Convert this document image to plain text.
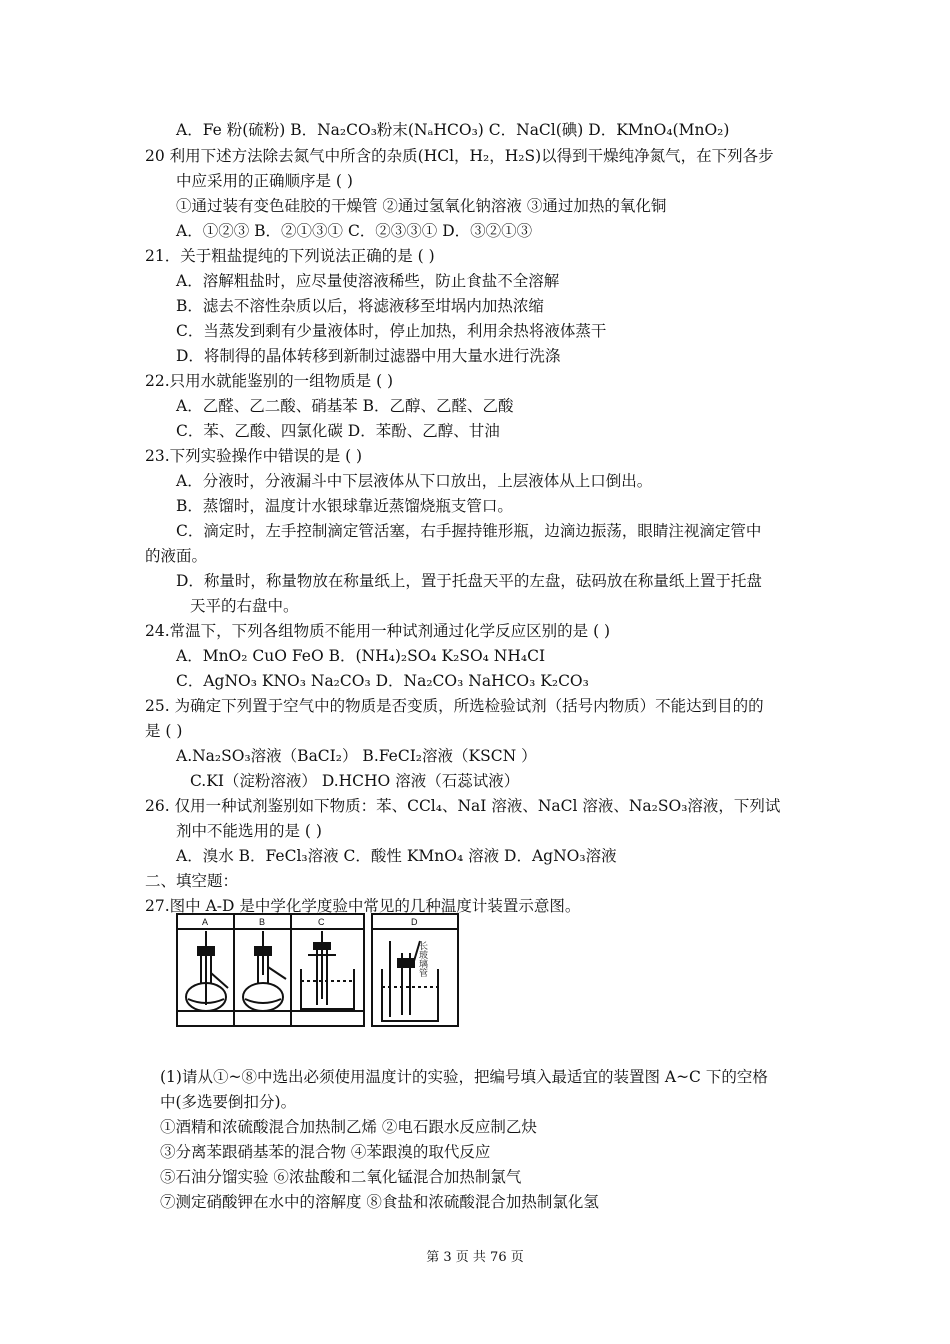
A．Fe 粉(硫粉) B．Na₂CO₃粉末(NₐHCO₃) C．NaCl(碘) D．KMnO₄(MnO₂)
20 利用下述方法除去氮气中所含的杂质(HCl，H₂，H₂S)以得到干燥纯净氮气，在下列各步
中应采用的正确顺序是 ( )
①通过装有变色硅胶的干燥管 ②通过氢氧化钠溶液 ③通过加热的氧化铜
A．①②③ B．②①③① C．②③③① D．③②①③
21．关于粗盐提纯的下列说法正确的是 ( )
A．溶解粗盐时，应尽量使溶液稀些，防止食盐不全溶解
B．滤去不溶性杂质以后，将滤液移至坩埚内加热浓缩
C．当蒸发到剩有少量液体时，停止加热，利用余热将液体蒸干
D．将制得的晶体转移到新制过滤器中用大量水进行洗涤
22.只用水就能鉴别的一组物质是 ( )
A．乙醛、乙二酸、硝基苯 B．乙醇、乙醛、乙酸
C．苯、乙酸、四氯化碳 D．苯酚、乙醇、甘油
23.下列实验操作中错误的是 ( )
A．分液时，分液漏斗中下层液体从下口放出，上层液体从上口倒出。
B．蒸馏时，温度计水银球靠近蒸馏烧瓶支管口。
C．滴定时，左手控制滴定管活塞，右手握持锥形瓶，边滴边振荡，眼睛注视滴定管中
的液面。
D．称量时，称量物放在称量纸上，置于托盘天平的左盘，砝码放在称量纸上置于托盘
天平的右盘中。
24.常温下，下列各组物质不能用一种试剂通过化学反应区别的是 ( )
A．MnO₂ CuO FeO B．(NH₄)₂SO₄ K₂SO₄ NH₄CI
C．AgNO₃ KNO₃ Na₂CO₃ D．Na₂CO₃ NaHCO₃ K₂CO₃
25. 为确定下列置于空气中的物质是否变质，所选检验试剂（括号内物质）不能达到目的的
是 ( )
A.Na₂SO₃溶液（BaCI₂） B.FeCI₂溶液（KSCN ）
C.KI（淀粉溶液） D.HCHO 溶液（石蕊试液）
26. 仅用一种试剂鉴别如下物质：苯、CCl₄、NaI 溶液、NaCl 溶液、Na₂SO₃溶液，下列试
剂中不能选用的是 ( )
A．溴水 B．FeCl₃溶液 C．酸性 KMnO₄ 溶液 D．AgNO₃溶液
二、填空题：
27.图中 A-D 是中学化学度验中常见的几种温度计装置示意图。
A	B	C	D
长玻璃管
(1)请从①~⑧中选出必须使用温度计的实验，把编号填入最适宜的装置图 A~C 下的空格
中(多选要倒扣分)。
①酒精和浓硫酸混合加热制乙烯 ②电石跟水反应制乙炔
③分离苯跟硝基苯的混合物 ④苯跟溴的取代反应
⑤石油分馏实验 ⑥浓盐酸和二氧化锰混合加热制氯气
⑦测定硝酸钾在水中的溶解度 ⑧食盐和浓硫酸混合加热制氯化氢
第 3 页 共 76 页
